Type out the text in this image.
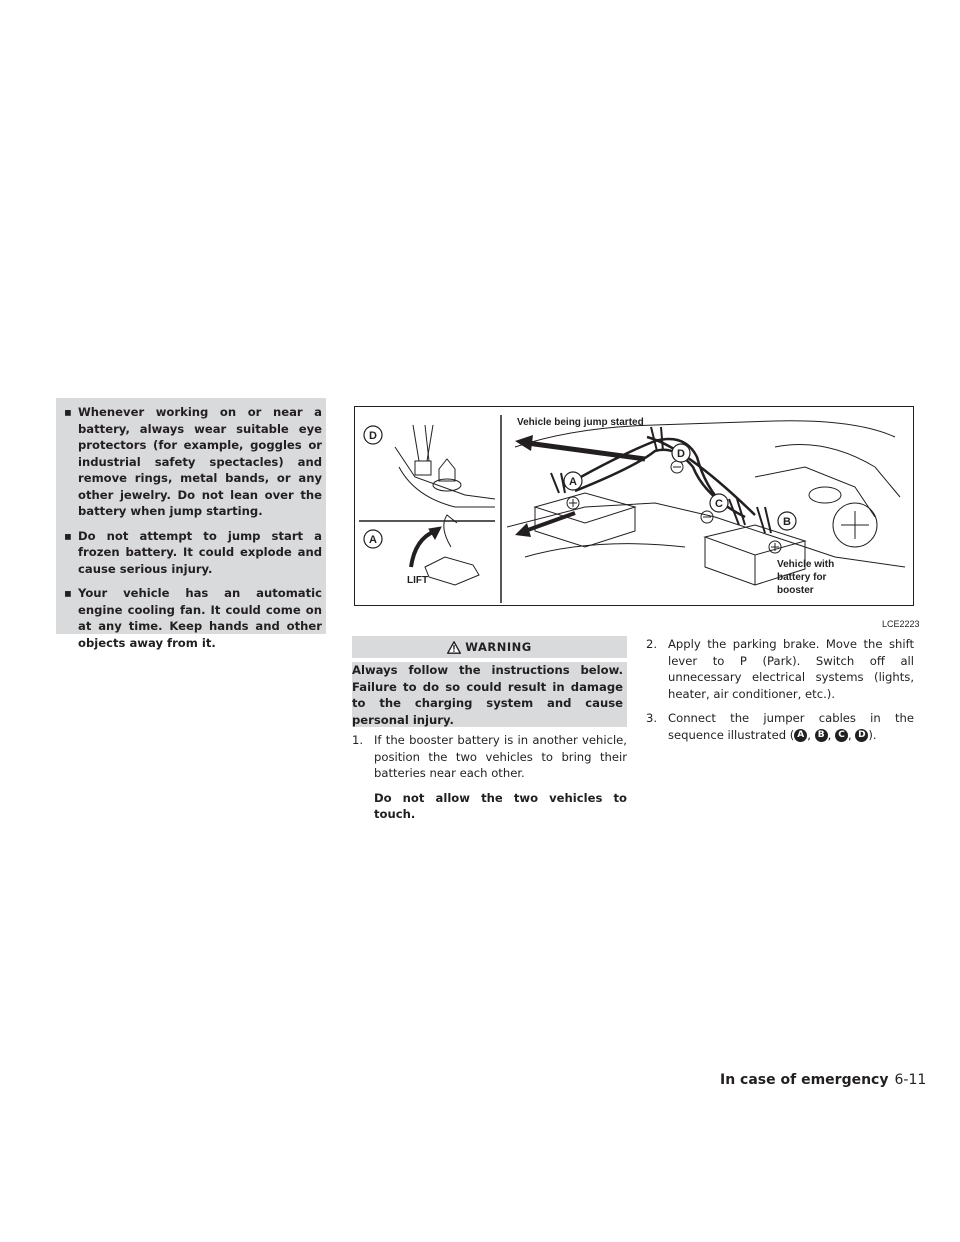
▪ Whenever working on or near a battery, always wear suitable eye protectors (for example, goggles or industrial safety spectacles) and remove rings, metal bands, or any other jewelry. Do not lean over the battery when jump starting.
▪ Do not attempt to jump start a frozen battery. It could explode and cause serious injury.
▪ Your vehicle has an automatic engine cooling fan. It could come on at any time. Keep hands and other objects away from it.
D
A
LIFT
Vehicle being jump started
A
D
C
B
Vehicle with
battery for
booster
LCE2223
WARNING
Always follow the instructions below. Failure to do so could result in damage to the charging system and cause personal injury.
1. If the booster battery is in another vehicle, position the two vehicles to bring their batteries near each other.
Do not allow the two vehicles to touch.
2. Apply the parking brake. Move the shift lever to P (Park). Switch off all unnecessary electrical systems (lights, heater, air conditioner, etc.).
3. Connect the jumper cables in the sequence illustrated ( A , B , C , D ).
In case of emergency 6-11
